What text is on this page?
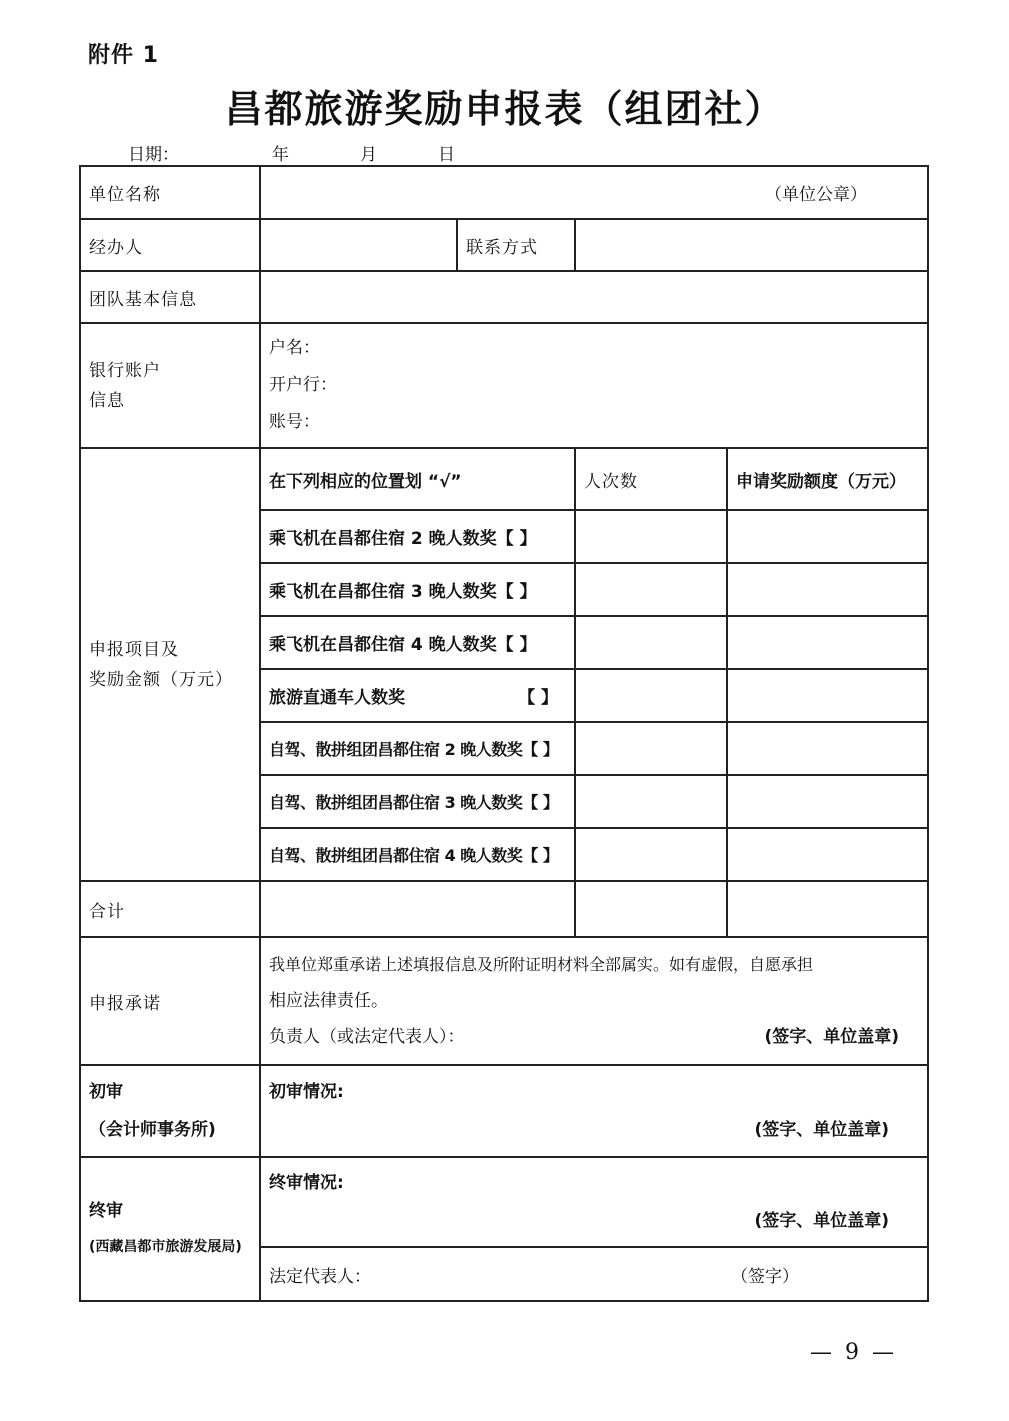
附件 1
昌都旅游奖励申报表（组团社）
日期：	年	月	日
单位名称	（单位公章）			
经办人		联系方式		
团队基本信息				

银行账户
信息	户名：
开户行：
账号：			

申报项目及
奖励金额（万元）	在下列相应的位置划 “√”		人次数	申请奖励额度（万元）
	乘飞机在昌都住宿 2 晚人数奖【 】			
	乘飞机在昌都住宿 3 晚人数奖【 】			
	乘飞机在昌都住宿 4 晚人数奖【 】			
	旅游直通车人数奖 【 】			

	自驾、散拼组团昌都住宿 2 晚人数奖【 】			
	自驾、散拼组团昌都住宿 3 晚人数奖【 】			
	自驾、散拼组团昌都住宿 4 晚人数奖【 】			
合计				
申报承诺	我单位郑重承诺上述填报信息及所附证明材料全部属实。如有虚假，自愿承担
相应法律责任。
负责人（或法定代表人）： (签字、单位盖章)			

初审
（会计师事务所)	初审情况:
(签字、单位盖章)			

终审
(西藏昌都市旅游发展局)	终审情况:
(签字、单位盖章)			

	法定代表人： （签字）			
— 9 —
